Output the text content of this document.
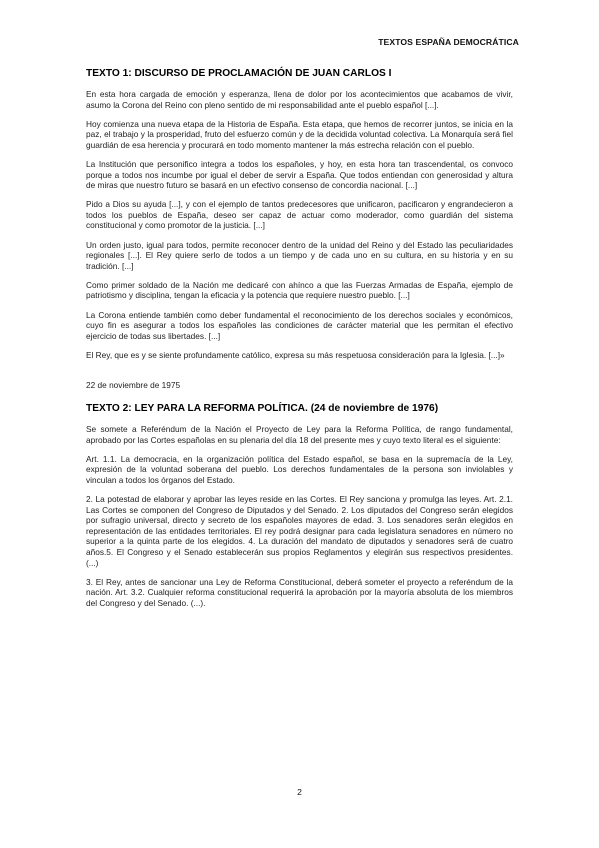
TEXTOS ESPAÑA DEMOCRÁTICA
TEXTO 1: DISCURSO DE PROCLAMACIÓN DE JUAN CARLOS I

En esta hora cargada de emoción y esperanza, llena de dolor por los acontecimientos que acabamos de vivir, asumo la Corona del Reino con pleno sentido de mi responsabilidad ante el pueblo español [...].

Hoy comienza una nueva etapa de la Historia de España. Esta etapa, que hemos de recorrer juntos, se inicia en la paz, el trabajo y la prosperidad, fruto del esfuerzo común y de la decidida voluntad colectiva. La Monarquía será fiel guardián de esa herencia y procurará en todo momento mantener la más estrecha relación con el pueblo.

La Institución que personifico integra a todos los españoles, y hoy, en esta hora tan trascendental, os convoco porque a todos nos incumbe por igual el deber de servir a España. Que todos entiendan con generosidad y altura de miras que nuestro futuro se basará en un efectivo consenso de concordia nacional. [...]

Pido a Dios su ayuda [...], y con el ejemplo de tantos predecesores que unificaron, pacificaron y engrandecieron a todos los pueblos de España, deseo ser capaz de actuar como moderador, como guardián del sistema constitucional y como promotor de la justicia. [...]

Un orden justo, igual para todos, permite reconocer dentro de la unidad del Reino y del Estado las peculiaridades regionales [...]. El Rey quiere serlo de todos a un tiempo y de cada uno en su cultura, en su historia y en su tradición. [...]

Como primer soldado de la Nación me dedicaré con ahínco a que las Fuerzas Armadas de España, ejemplo de patriotismo y disciplina, tengan la eficacia y la potencia que requiere nuestro pueblo. [...]

La Corona entiende también como deber fundamental el reconocimiento de los derechos sociales y económicos, cuyo fin es asegurar a todos los españoles las condiciones de carácter material que les permitan el efectivo ejercicio de todas sus libertades. [...]

El Rey, que es y se siente profundamente católico, expresa su más respetuosa consideración para la Iglesia. [...]»

22 de noviembre de 1975

TEXTO 2: LEY PARA LA REFORMA POLÍTICA. (24 de noviembre de 1976)

Se somete a Referéndum de la Nación el Proyecto de Ley para la Reforma Política, de rango fundamental, aprobado por las Cortes españolas en su plenaria del día 18 del presente mes y cuyo texto literal es el siguiente:

Art. 1.1. La democracia, en la organización política del Estado español, se basa en la supremacía de la Ley, expresión de la voluntad soberana del pueblo. Los derechos fundamentales de la persona son inviolables y vinculan a todos los órganos del Estado.

2. La potestad de elaborar y aprobar las leyes reside en las Cortes. El Rey sanciona y promulga las leyes. Art. 2.1. Las Cortes se componen del Congreso de Diputados y del Senado. 2. Los diputados del Congreso serán elegidos por sufragio universal, directo y secreto de los españoles mayores de edad. 3. Los senadores serán elegidos en representación de las entidades territoriales. El rey podrá designar para cada legislatura senadores en número no superior a la quinta parte de los elegidos. 4. La duración del mandato de diputados y senadores será de cuatro años.5. El Congreso y el Senado establecerán sus propios Reglamentos y elegirán sus respectivos presidentes. (...)

3. El Rey, antes de sancionar una Ley de Reforma Constitucional, deberá someter el proyecto a referéndum de la nación. Art. 3.2. Cualquier reforma constitucional requerirá la aprobación por la mayoría absoluta de los miembros del Congreso y del Senado. (...).

2
